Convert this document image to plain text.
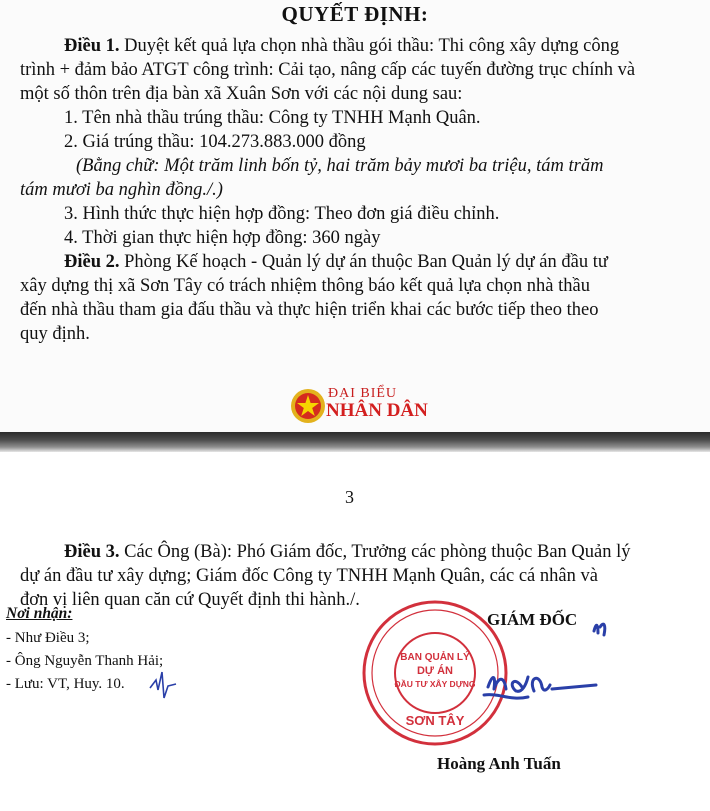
QUYẾT ĐỊNH:
Điều 1. Duyệt kết quả lựa chọn nhà thầu gói thầu: Thi công xây dựng công
trình + đảm bảo ATGT công trình: Cải tạo, nâng cấp các tuyến đường trục chính và
một số thôn trên địa bàn xã Xuân Sơn với các nội dung sau:
1. Tên nhà thầu trúng thầu: Công ty TNHH Mạnh Quân.
2. Giá trúng thầu: 104.273.883.000 đồng
(Bằng chữ: Một trăm linh bốn tỷ, hai trăm bảy mươi ba triệu, tám trăm
tám mươi ba nghìn đồng./.)
3. Hình thức thực hiện hợp đồng: Theo đơn giá điều chỉnh.
4. Thời gian thực hiện hợp đồng: 360 ngày
Điều 2. Phòng Kế hoạch - Quản lý dự án thuộc Ban Quản lý dự án đầu tư
xây dựng thị xã Sơn Tây có trách nhiệm thông báo kết quả lựa chọn nhà thầu
đến nhà thầu tham gia đấu thầu và thực hiện triển khai các bước tiếp theo theo
quy định.
ĐẠI BIỂU
NHÂN DÂN
3
Điều 3. Các Ông (Bà): Phó Giám đốc, Trưởng các phòng thuộc Ban Quản lý
dự án đầu tư xây dựng; Giám đốc Công ty TNHH Mạnh Quân, các cá nhân và
đơn vị liên quan căn cứ Quyết định thi hành./.
Nơi nhận:
- Như Điều 3;
- Ông Nguyễn Thanh Hải;
- Lưu: VT, Huy. 10.
GIÁM ĐỐC
BAN QUẢN LÝ
DỰ ÁN
ĐẦU TƯ XÂY DỰNG
SƠN TÂY
Hoàng Anh Tuấn
